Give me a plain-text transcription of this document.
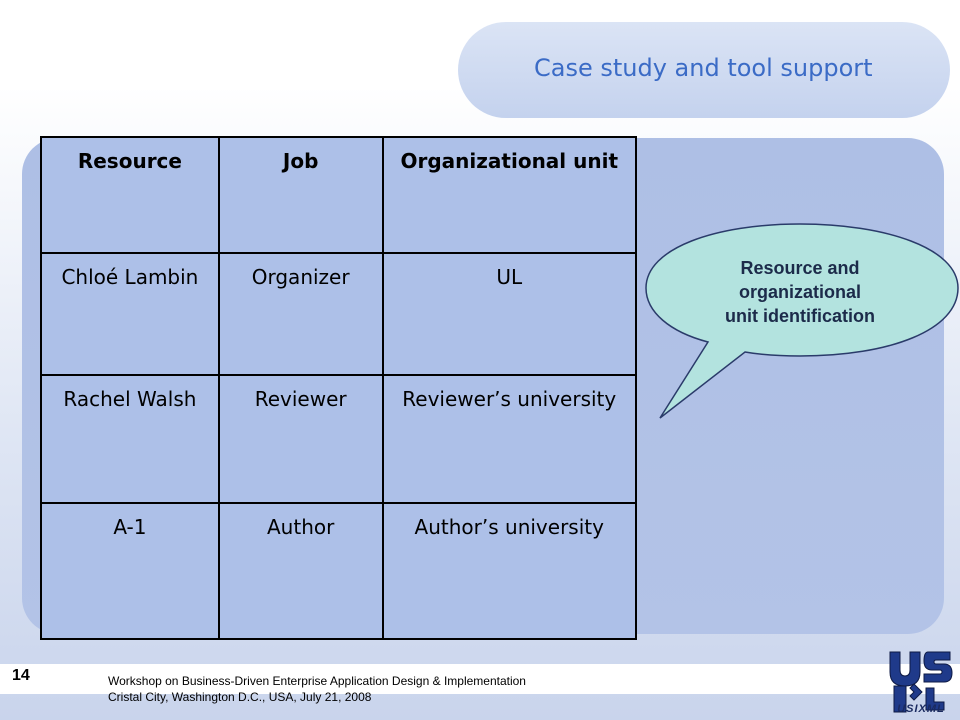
Case study and tool support
Resource	Job	Organizational unit
Chloé Lambin	Organizer	UL
Rachel Walsh	Reviewer	Reviewer’s university
A-1	Author	Author’s university
Resource and
organizational
unit identification
14	Workshop on Business-Driven Enterprise Application Design & Implementation
Cristal City, Washington D.C., USA, July 21, 2008
USIXML
